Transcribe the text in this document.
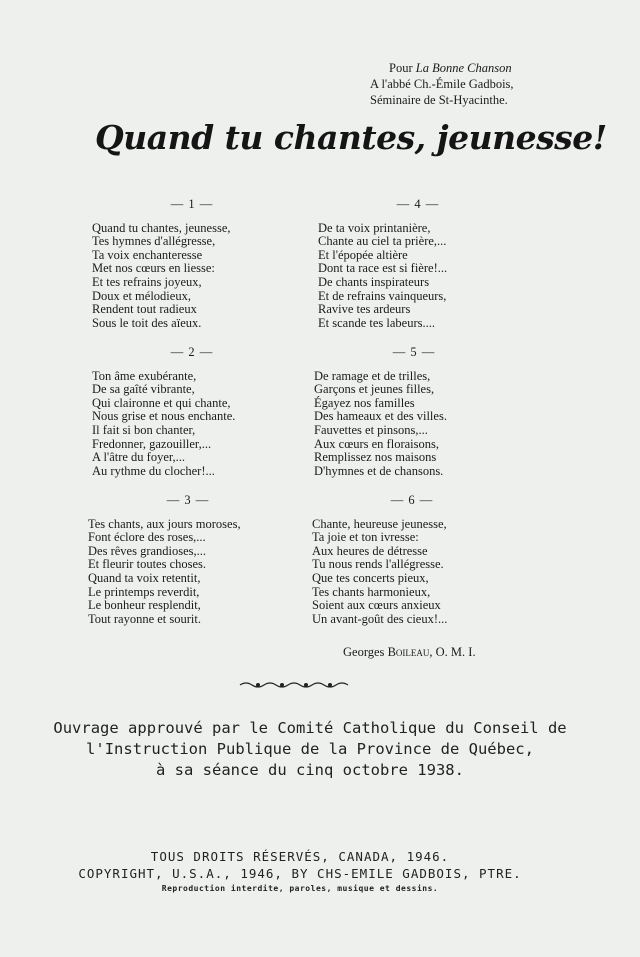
​	Pour La Bonne Chanson
A l'abbé Ch.-Émile Gadbois,
Séminaire de St-Hyacinthe.
Quand tu chantes, jeunesse!
— 1 —
Quand tu chantes, jeunesse,
Tes hymnes d'allégresse,
Ta voix enchanteresse
Met nos cœurs en liesse:
Et tes refrains joyeux,
Doux et mélodieux,
Rendent tout radieux
Sous le toit des aïeux.
— 2 —
Ton âme exubérante,
De sa gaîté vibrante,
Qui claironne et qui chante,
Nous grise et nous enchante.
Il fait si bon chanter,
Fredonner, gazouiller,...
A l'âtre du foyer,...
Au rythme du clocher!...
— 3 —
Tes chants, aux jours moroses,
Font éclore des roses,...
Des rêves grandioses,...
Et fleurir toutes choses.
Quand ta voix retentit,
Le printemps reverdit,
Le bonheur resplendit,
Tout rayonne et sourit.
— 4 —
De ta voix printanière,
Chante au ciel ta prière,...
Et l'épopée altière
Dont ta race est si fière!...
De chants inspirateurs
Et de refrains vainqueurs,
Ravive tes ardeurs
Et scande tes labeurs....
— 5 —
De ramage et de trilles,
Garçons et jeunes filles,
Égayez nos familles
Des hameaux et des villes.
Fauvettes et pinsons,...
Aux cœurs en floraisons,
Remplissez nos maisons
D'hymnes et de chansons.
— 6 —
Chante, heureuse jeunesse,
Ta joie et ton ivresse:
Aux heures de détresse
Tu nous rends l'allégresse.
Que tes concerts pieux,
Tes chants harmonieux,
Soient aux cœurs anxieux
Un avant-goût des cieux!...
Georges Boileau, O. M. I.
Ouvrage approuvé par le Comité Catholique du Conseil de
l'Instruction Publique de la Province de Québec,
à sa séance du cinq octobre 1938.
TOUS DROITS RÉSERVÉS, CANADA, 1946.
COPYRIGHT, U.S.A., 1946, BY CHS-EMILE GADBOIS, PTRE.
Reproduction interdite, paroles, musique et dessins.
